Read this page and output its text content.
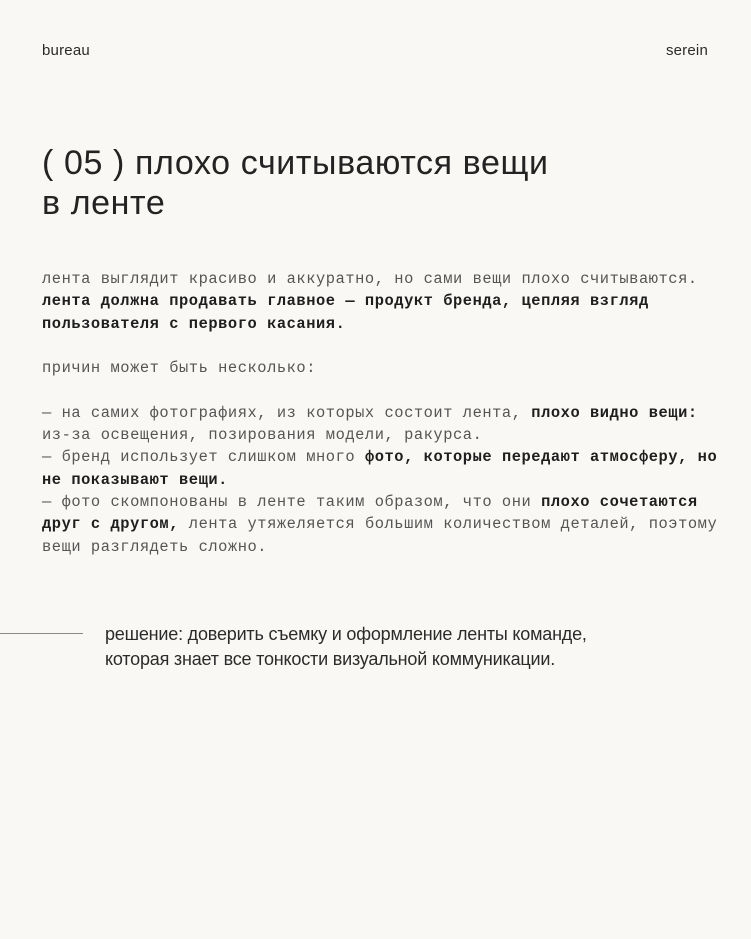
bureau	serein
( 05 ) плохо считываются вещи
в ленте

лента выглядит красиво и аккуратно, но сами вещи плохо считываются. лента должна продавать главное — продукт бренда, цепляя взгляд пользователя с первого касания.

причин может быть несколько:

— на самих фотографиях, из которых состоит лента, плохо видно вещи: из-за освещения, позирования модели, ракурса.

— бренд использует слишком много фото, которые передают атмосферу, но не показывают вещи.

— фото скомпонованы в ленте таким образом, что они плохо сочетаются друг с другом, лента утяжеляется большим количеством деталей, поэтому вещи разглядеть сложно.

решение: доверить съемку и оформление ленты команде,
которая знает все тонкости визуальной коммуникации.
